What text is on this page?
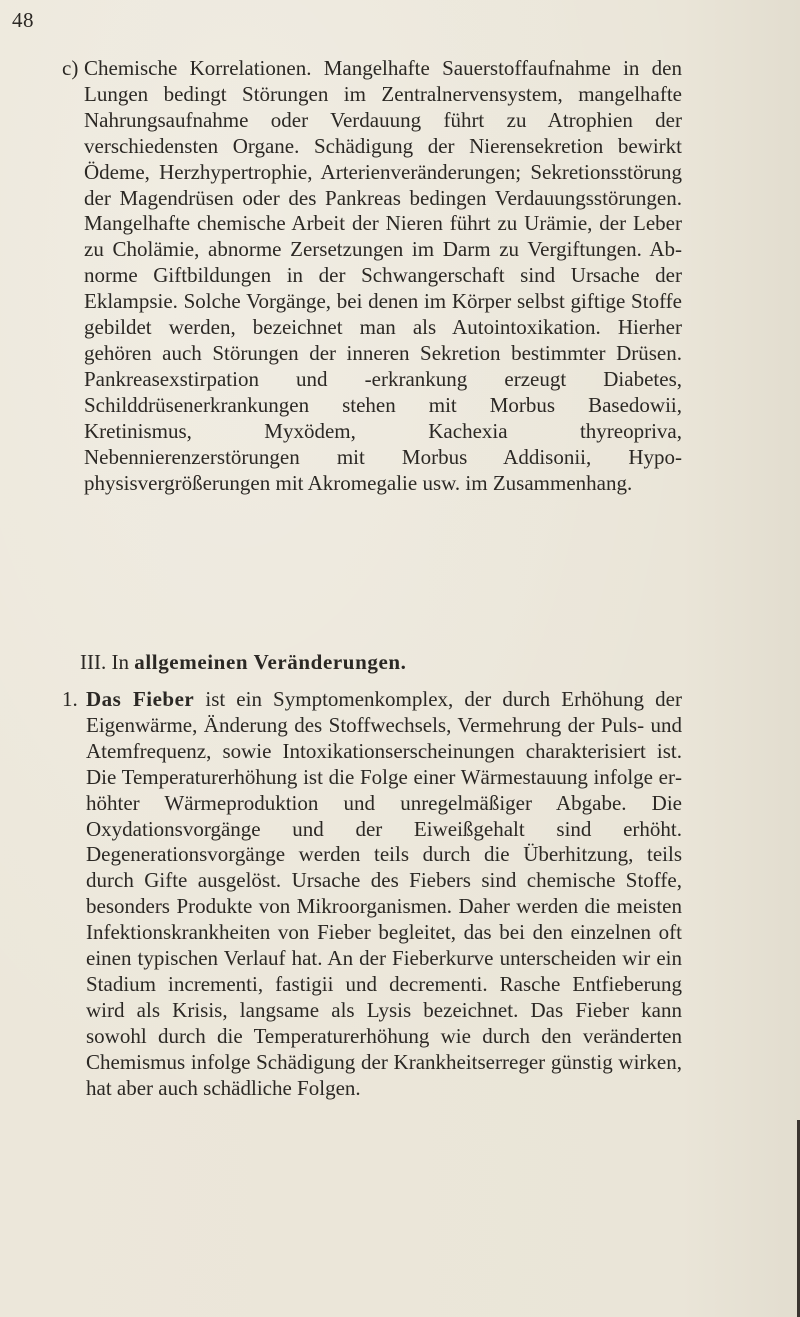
48
c) Chemische Korrelationen. Mangelhafte Sauerstoffaufnahme in den Lungen bedingt Störungen im Zentralnervensystem, mangelhafte Nahrungsaufnahme oder Verdauung führt zu Atrophien der verschiedensten Organe. Schädigung der Nierensekretion bewirkt Ödeme, Herzhypertrophie, Arterienveränderungen; Sekretionsstörung der Magendrüsen oder des Pankreas bedingen Verdauungsstörungen. Mangelhafte chemische Arbeit der Nieren führt zu Urämie, der Leber zu Cholämie, abnorme Zersetzungen im Darm zu Vergiftungen. Abnorme Giftbildungen in der Schwangerschaft sind Ursache der Eklampsie. Solche Vorgänge, bei denen im Körper selbst giftige Stoffe gebildet werden, bezeichnet man als Autointoxikation. Hierher gehören auch Störungen der inneren Sekretion bestimmter Drüsen. Pankreasexstirpation und -erkrankung erzeugt Diabetes, Schilddrüsenerkrankungen stehen mit Morbus Basedowii, Kretinismus, Myxödem, Kachexia thyreopriva, Nebennierenzerstörungen mit Morbus Addisonii, Hypophysisvergrößerungen mit Akromegalie usw. im Zusammenhang.
III. In allgemeinen Veränderungen.
1. Das Fieber ist ein Symptomenkomplex, der durch Erhöhung der Eigenwärme, Änderung des Stoffwechsels, Vermehrung der Puls- und Atemfrequenz, sowie Intoxikationserscheinungen charakterisiert ist. Die Temperaturerhöhung ist die Folge einer Wärmestauung infolge erhöhter Wärmeproduktion und unregelmäßiger Abgabe. Die Oxydationsvorgänge und der Eiweißgehalt sind erhöht. Degenerationsvorgänge werden teils durch die Überhitzung, teils durch Gifte ausgelöst. Ursache des Fiebers sind chemische Stoffe, besonders Produkte von Mikroorganismen. Daher werden die meisten Infektionskrankheiten von Fieber begleitet, das bei den einzelnen oft einen typischen Verlauf hat. An der Fieberkurve unterscheiden wir ein Stadium incrementi, fastigii und decrementi. Rasche Entfieberung wird als Krisis, langsame als Lysis bezeichnet. Das Fieber kann sowohl durch die Temperaturerhöhung wie durch den veränderten Chemismus infolge Schädigung der Krankheitserreger günstig wirken, hat aber auch schädliche Folgen.
